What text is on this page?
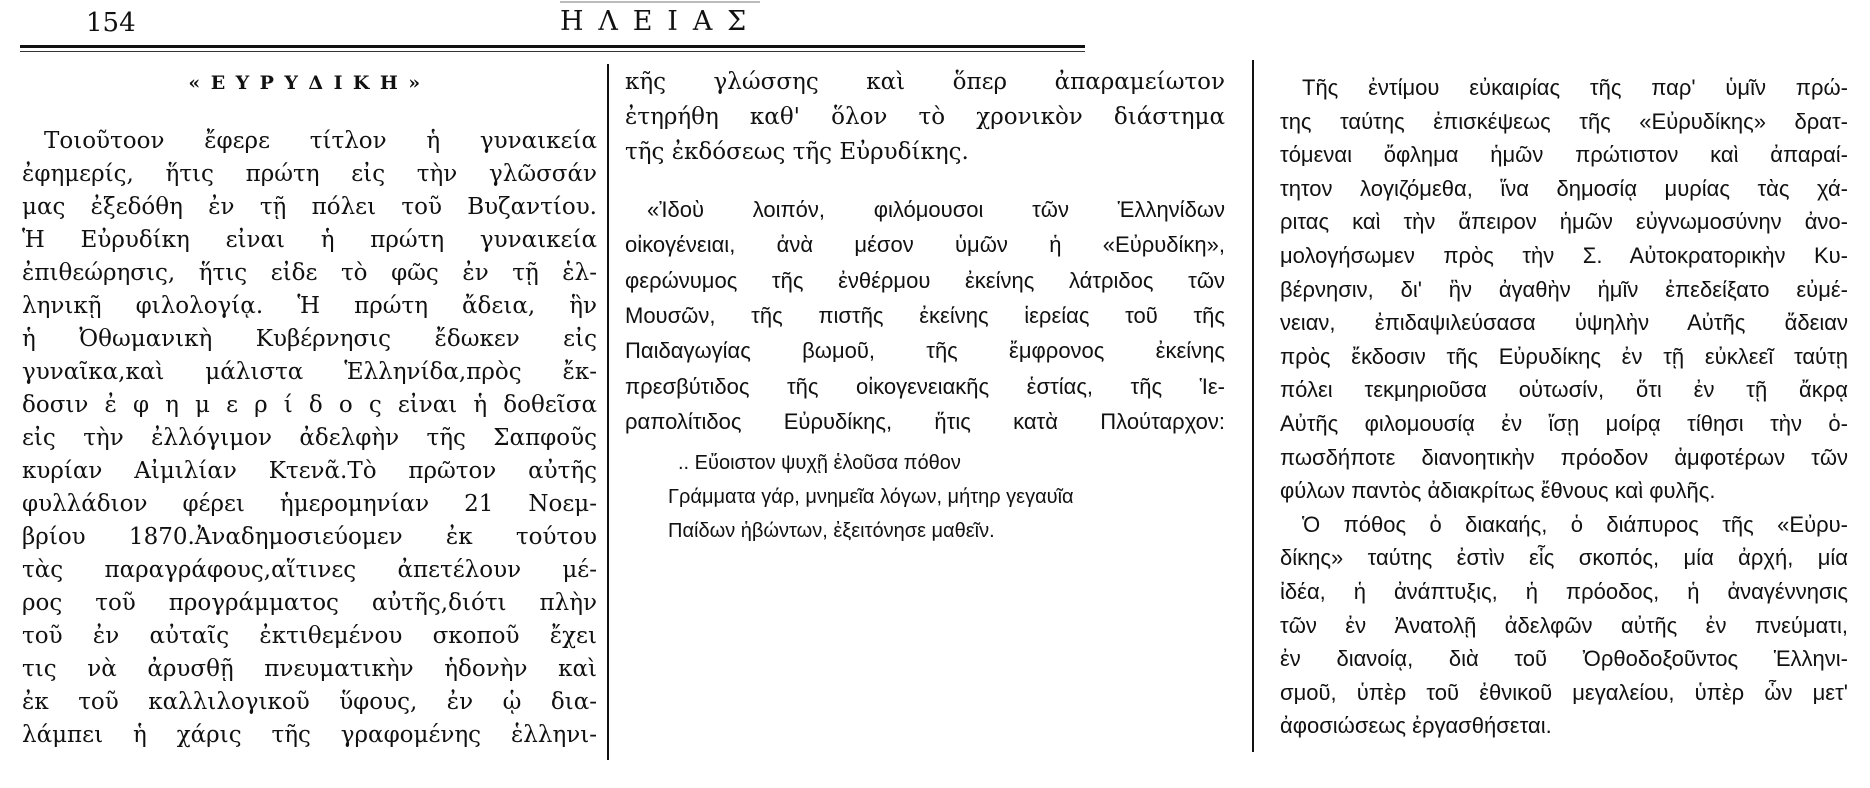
154	ΗΛΕΙΑΣ
«ΕΥΡΥΔΙΚΗ»
Τοιοῦτοον ἔφερε τίτλον ἡ γυναικεία
ἐφημερίς, ἥτις πρώτη εἰς τὴν γλῶσσάν
μας ἐξεδόθη ἐν τῇ πόλει τοῦ Βυζαντίου.
Ἡ Εὐρυδίκη εἶναι ἡ πρώτη γυναικεία
ἐπιθεώρησις, ἥτις εἶδε τὸ φῶς ἐν τῇ ἑλ-
ληνικῇ φιλολογίᾳ. Ἡ πρώτη ἄδεια, ἣν
ἡ Ὀθωμανικὴ Κυβέρνησις ἔδωκεν εἰς
γυναῖκα,καὶ μάλιστα Ἑλληνίδα,πρὸς ἔκ-
δοσιν ἐ φ η μ ε ρ ί δ ο ς εἶναι ἡ δοθεῖσα
εἰς τὴν ἐλλόγιμον ἀδελφὴν τῆς Σαπφοῦς
κυρίαν Αἰμιλίαν Κτενᾶ.Τὸ πρῶτον αὐτῆς
φυλλάδιον φέρει ἡμερομηνίαν 21 Νοεμ-
βρίου 1870.Ἀναδημοσιεύομεν ἐκ τούτου
τὰς παραγράφους,αἵτινες ἀπετέλουν μέ-
ρος τοῦ προγράμματος αὐτῆς,διότι πλὴν
τοῦ ἐν αὐταῖς ἐκτιθεμένου σκοποῦ ἔχει
τις νὰ ἀρυσθῇ πνευματικὴν ἡδονὴν καὶ
ἐκ τοῦ καλλιλογικοῦ ὕφους, ἐν ᾧ δια-
λάμπει ἡ χάρις τῆς γραφομένης ἑλληνι-
κῆς γλώσσης καὶ ὅπερ ἀπαραμείωτον
ἐτηρήθη καθ' ὅλον τὸ χρονικὸν διάστημα
τῆς ἐκδόσεως τῆς Εὐρυδίκης.
«Ἰδοὺ λοιπόν, φιλόμουσοι τῶν Ἑλληνίδων
οἰκογένειαι, ἀνὰ μέσον ὑμῶν ἡ «Εὐρυδίκη»,
φερώνυμος τῆς ἐνθέρμου ἐκείνης λάτριδος τῶν
Μουσῶν, τῆς πιστῆς ἐκείνης ἱερείας τοῦ τῆς
Παιδαγωγίας βωμοῦ, τῆς ἔμφρονος ἐκείνης
πρεσβύτιδος τῆς οἰκογενειακῆς ἑστίας, τῆς Ἱε-
ραπολίτιδος Εὐρυδίκης, ἥτις κατὰ Πλούταρχον:
.. Εὔοιστον ψυχῇ ἑλοῦσα πόθον
Γράμματα γάρ, μνημεῖα λόγων, μήτηρ γεγαυῖα
Παίδων ἡβώντων, ἐξειτόνησε μαθεῖν.
Τῆς ἐντίμου εὐκαιρίας τῆς παρ' ὑμῖν πρώ-
της ταύτης ἐπισκέψεως τῆς «Εὐρυδίκης» δρατ-
τόμεναι ὄφλημα ἡμῶν πρώτιστον καὶ ἀπαραί-
τητον λογιζόμεθα, ἵνα δημοσίᾳ μυρίας τὰς χά-
ριτας καὶ τὴν ἄπειρον ἡμῶν εὐγνωμοσύνην ἀνο-
μολογήσωμεν πρὸς τὴν Σ. Αὐτοκρατορικὴν Κυ-
βέρνησιν, δι' ἣν ἀγαθὴν ἡμῖν ἐπεδείξατο εὐμέ-
νειαν, ἐπιδαψιλεύσασα ὑψηλὴν Αὐτῆς ἄδειαν
πρὸς ἔκδοσιν τῆς Εὐρυδίκης ἐν τῇ εὐκλεεῖ ταύτῃ
πόλει τεκμηριοῦσα οὑτωσίν, ὅτι ἐν τῇ ἄκρᾳ
Αὐτῆς φιλομουσίᾳ ἐν ἴσῃ μοίρᾳ τίθησι τὴν ὁ-
πωσδήποτε διανοητικὴν πρόοδον ἀμφοτέρων τῶν
φύλων παντὸς ἀδιακρίτως ἔθνους καὶ φυλῆς.
Ὁ πόθος ὁ διακαής, ὁ διάπυρος τῆς «Εὐρυ-
δίκης» ταύτης ἐστὶν εἷς σκοπός, μία ἀρχή, μία
ἰδέα, ἡ ἀνάπτυξις, ἡ πρόοδος, ἡ ἀναγέννησις
τῶν ἐν Ἀνατολῇ ἀδελφῶν αὐτῆς ἐν πνεύματι,
ἐν διανοίᾳ, διὰ τοῦ Ὀρθοδοξοῦντος Ἑλληνι-
σμοῦ, ὑπὲρ τοῦ ἐθνικοῦ μεγαλείου, ὑπὲρ ὧν μετ'
ἀφοσιώσεως ἐργασθήσεται.
